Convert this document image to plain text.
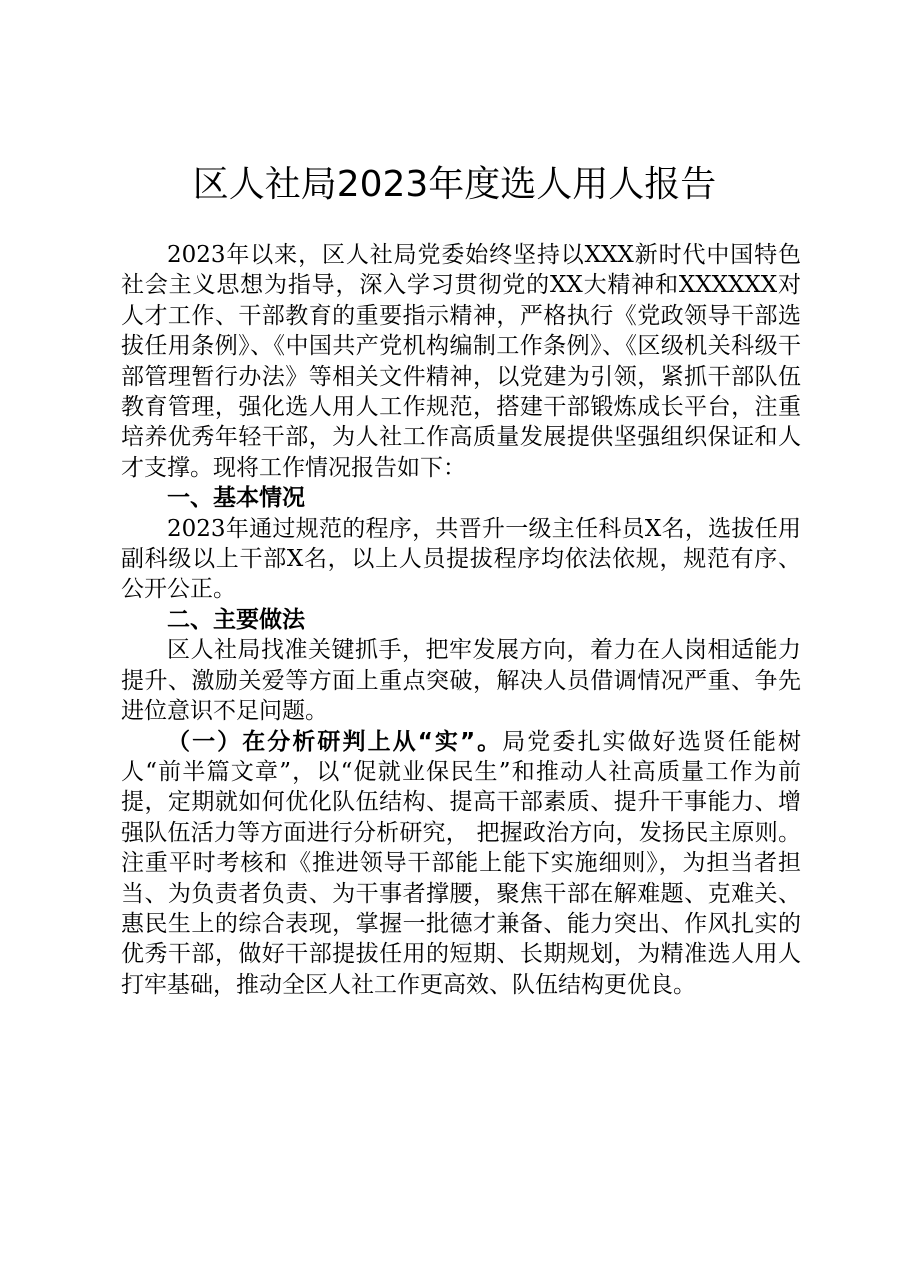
区人社局2023年度选人用人报告

2023年以来，区人社局党委始终坚持以XXX新时代中国特色社会主义思想为指导，深入学习贯彻党的XX大精神和XXXXXX对人才工作、干部教育的重要指示精神，严格执行《党政领导干部选拔任用条例》、《中国共产党机构编制工作条例》、《区级机关科级干部管理暂行办法》等相关文件精神，以党建为引领，紧抓干部队伍教育管理，强化选人用人工作规范，搭建干部锻炼成长平台，注重培养优秀年轻干部，为人社工作高质量发展提供坚强组织保证和人才支撑。现将工作情况报告如下：

一、基本情况

2023年通过规范的程序，共晋升一级主任科员X名，选拔任用副科级以上干部X名，以上人员提拔程序均依法依规，规范有序、公开公正。

二、主要做法

区人社局找准关键抓手，把牢发展方向，着力在人岗相适能力提升、激励关爱等方面上重点突破，解决人员借调情况严重、争先进位意识不足问题。

（一）在分析研判上从“实”。局党委扎实做好选贤任能树人“前半篇文章”，以“促就业保民生”和推动人社高质量工作为前提，定期就如何优化队伍结构、提高干部素质、提升干事能力、增强队伍活力等方面进行分析研究， 把握政治方向，发扬民主原则。注重平时考核和《推进领导干部能上能下实施细则》，为担当者担当、为负责者负责、为干事者撑腰，聚焦干部在解难题、克难关、惠民生上的综合表现，掌握一批德才兼备、能力突出、作风扎实的优秀干部，做好干部提拔任用的短期、长期规划，为精准选人用人打牢基础，推动全区人社工作更高效、队伍结构更优良。
